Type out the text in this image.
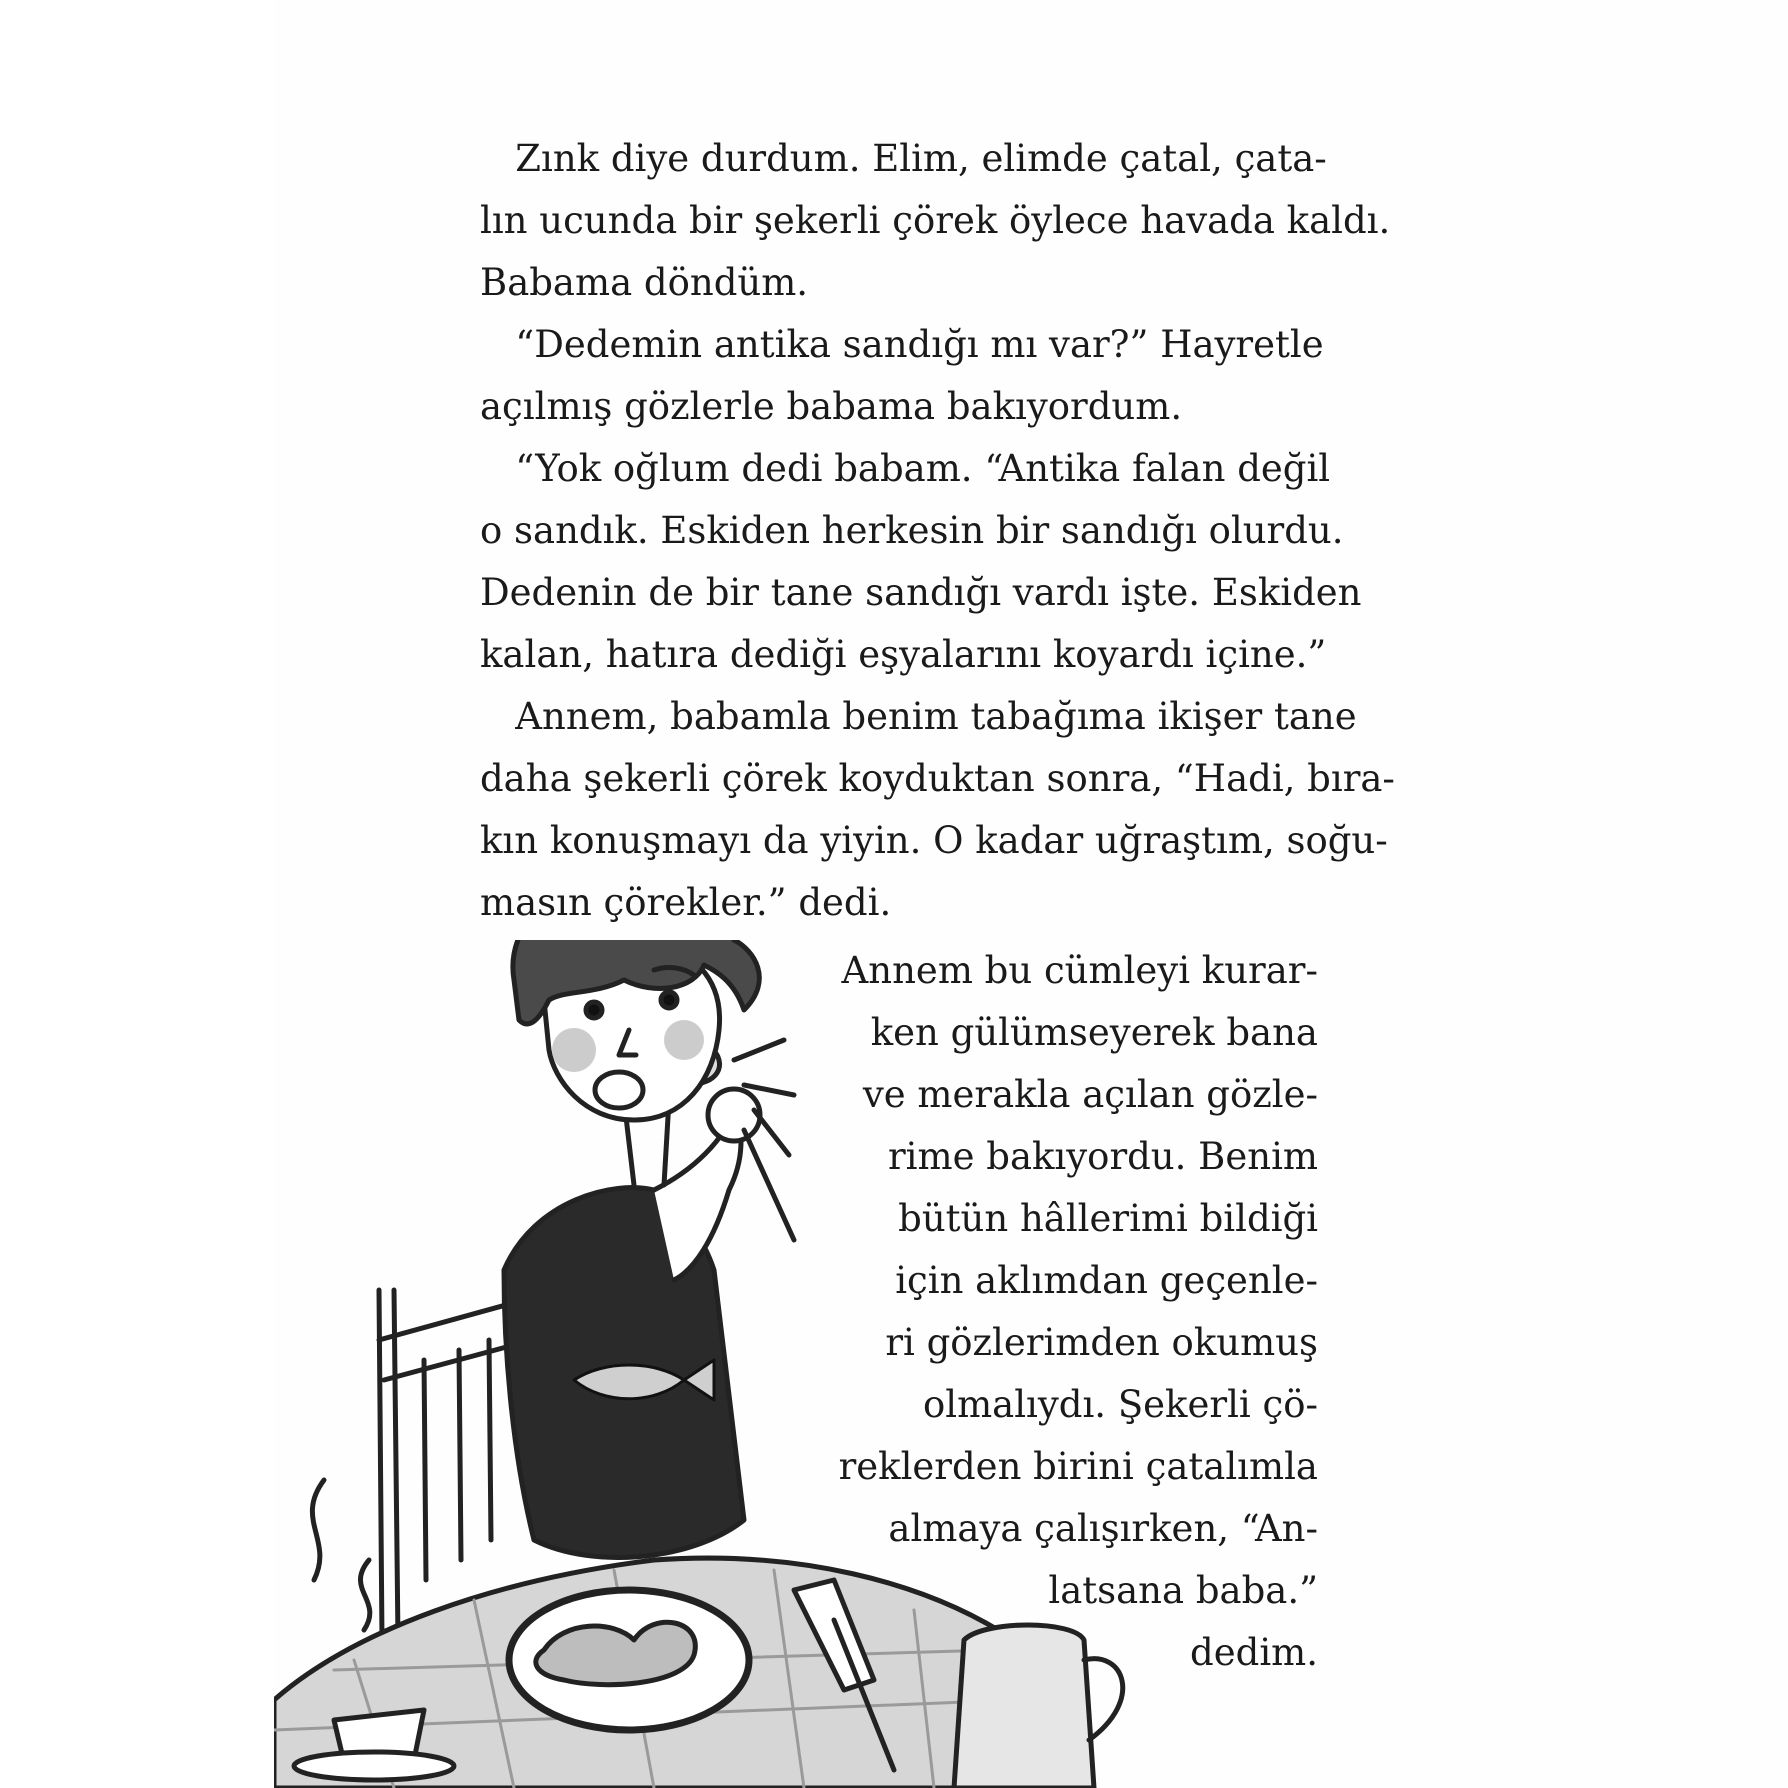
Zınk diye durdum. Elim, elimde çatal, çata-
lın ucunda bir şekerli çörek öylece havada kaldı.
Babama döndüm.
“Dedemin antika sandığı mı var?” Hayretle
açılmış gözlerle babama bakıyordum.
“Yok oğlum dedi babam. “Antika falan değil
o sandık. Eskiden herkesin bir sandığı olurdu.
Dedenin de bir tane sandığı vardı işte. Eskiden
kalan, hatıra dediği eşyalarını koyardı içine.”
Annem, babamla benim tabağıma ikişer tane
daha şekerli çörek koyduktan sonra, “Hadi, bıra-
kın konuşmayı da yiyin. O kadar uğraştım, soğu-
masın çörekler.” dedi.
Annem bu cümleyi kurar-
ken gülümseyerek bana
ve merakla açılan gözle-
rime bakıyordu. Benim
bütün hâllerimi bildiği
için aklımdan geçenle-
ri gözlerimden okumuş
olmalıydı. Şekerli çö-
reklerden birini çatalımla
almaya çalışırken, “An-
latsana baba.”
dedim.
